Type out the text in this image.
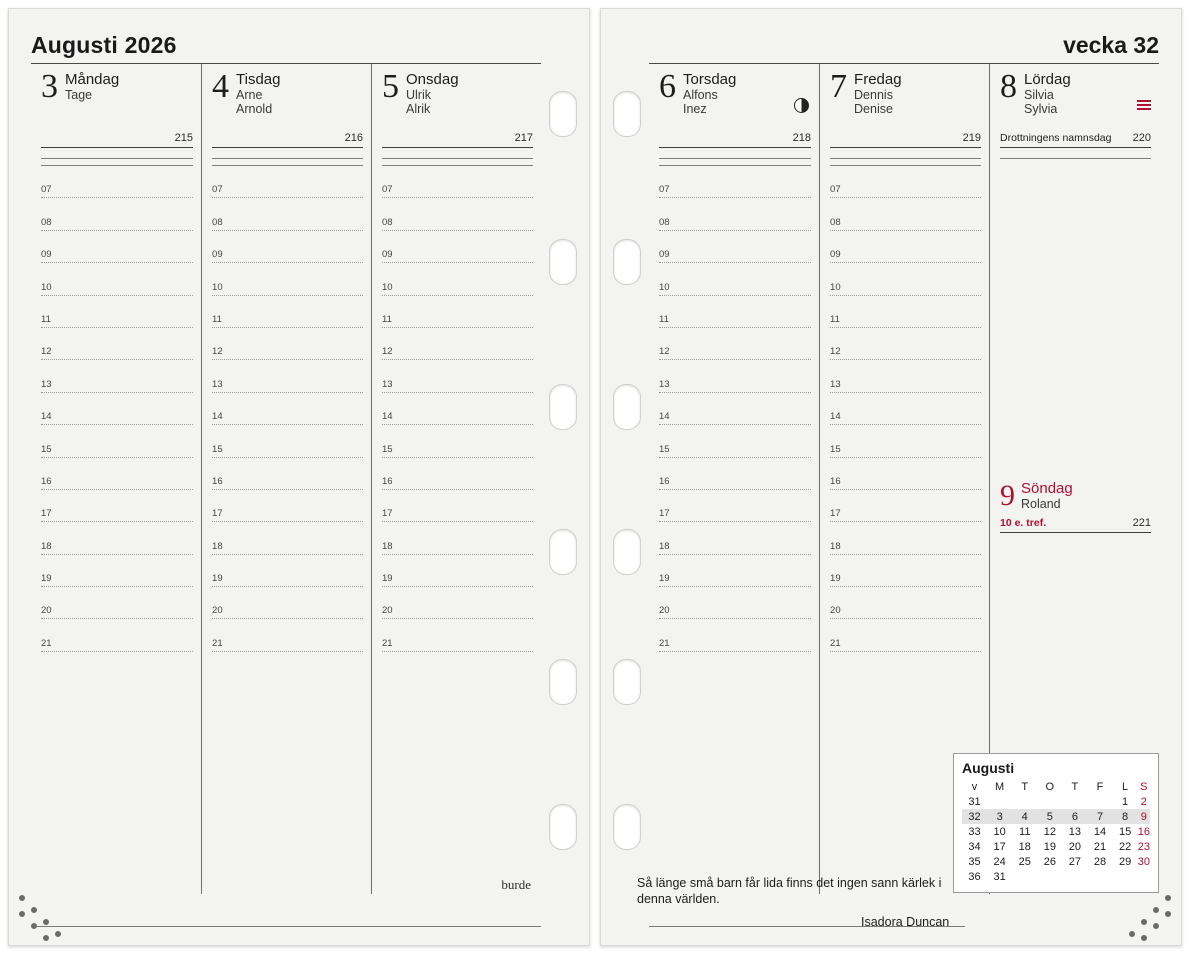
Augusti 2026
3 Måndag
Tage
215
07
08
09
10
11
12
13
14
15
16
17
18
19
20
21
4 Tisdag
Arne
Arnold
216
07
08
09
10
11
12
13
14
15
16
17
18
19
20
21
5 Onsdag
Ulrik
Alrik
217
07
08
09
10
11
12
13
14
15
16
17
18
19
20
21
burde
vecka 32
6 Torsdag
Alfons
Inez
218
07
08
09
10
11
12
13
14
15
16
17
18
19
20
21
7 Fredag
Dennis
Denise
219
07
08
09
10
11
12
13
14
15
16
17
18
19
20
21
8 Lördag
Silvia
Sylvia
Drottningens namnsdag 220
9 Söndag
Roland
10 e. tref.	221
Så länge små barn får lida finns det ingen sann kärlek i denna världen.
Isadora Duncan
Augusti
v	M	T	O	T	F	L	S
31						1	2
32	3	4	5	6	7	8	9
33	10	11	12	13	14	15	16
34	17	18	19	20	21	22	23
35	24	25	26	27	28	29	30
36	31						
